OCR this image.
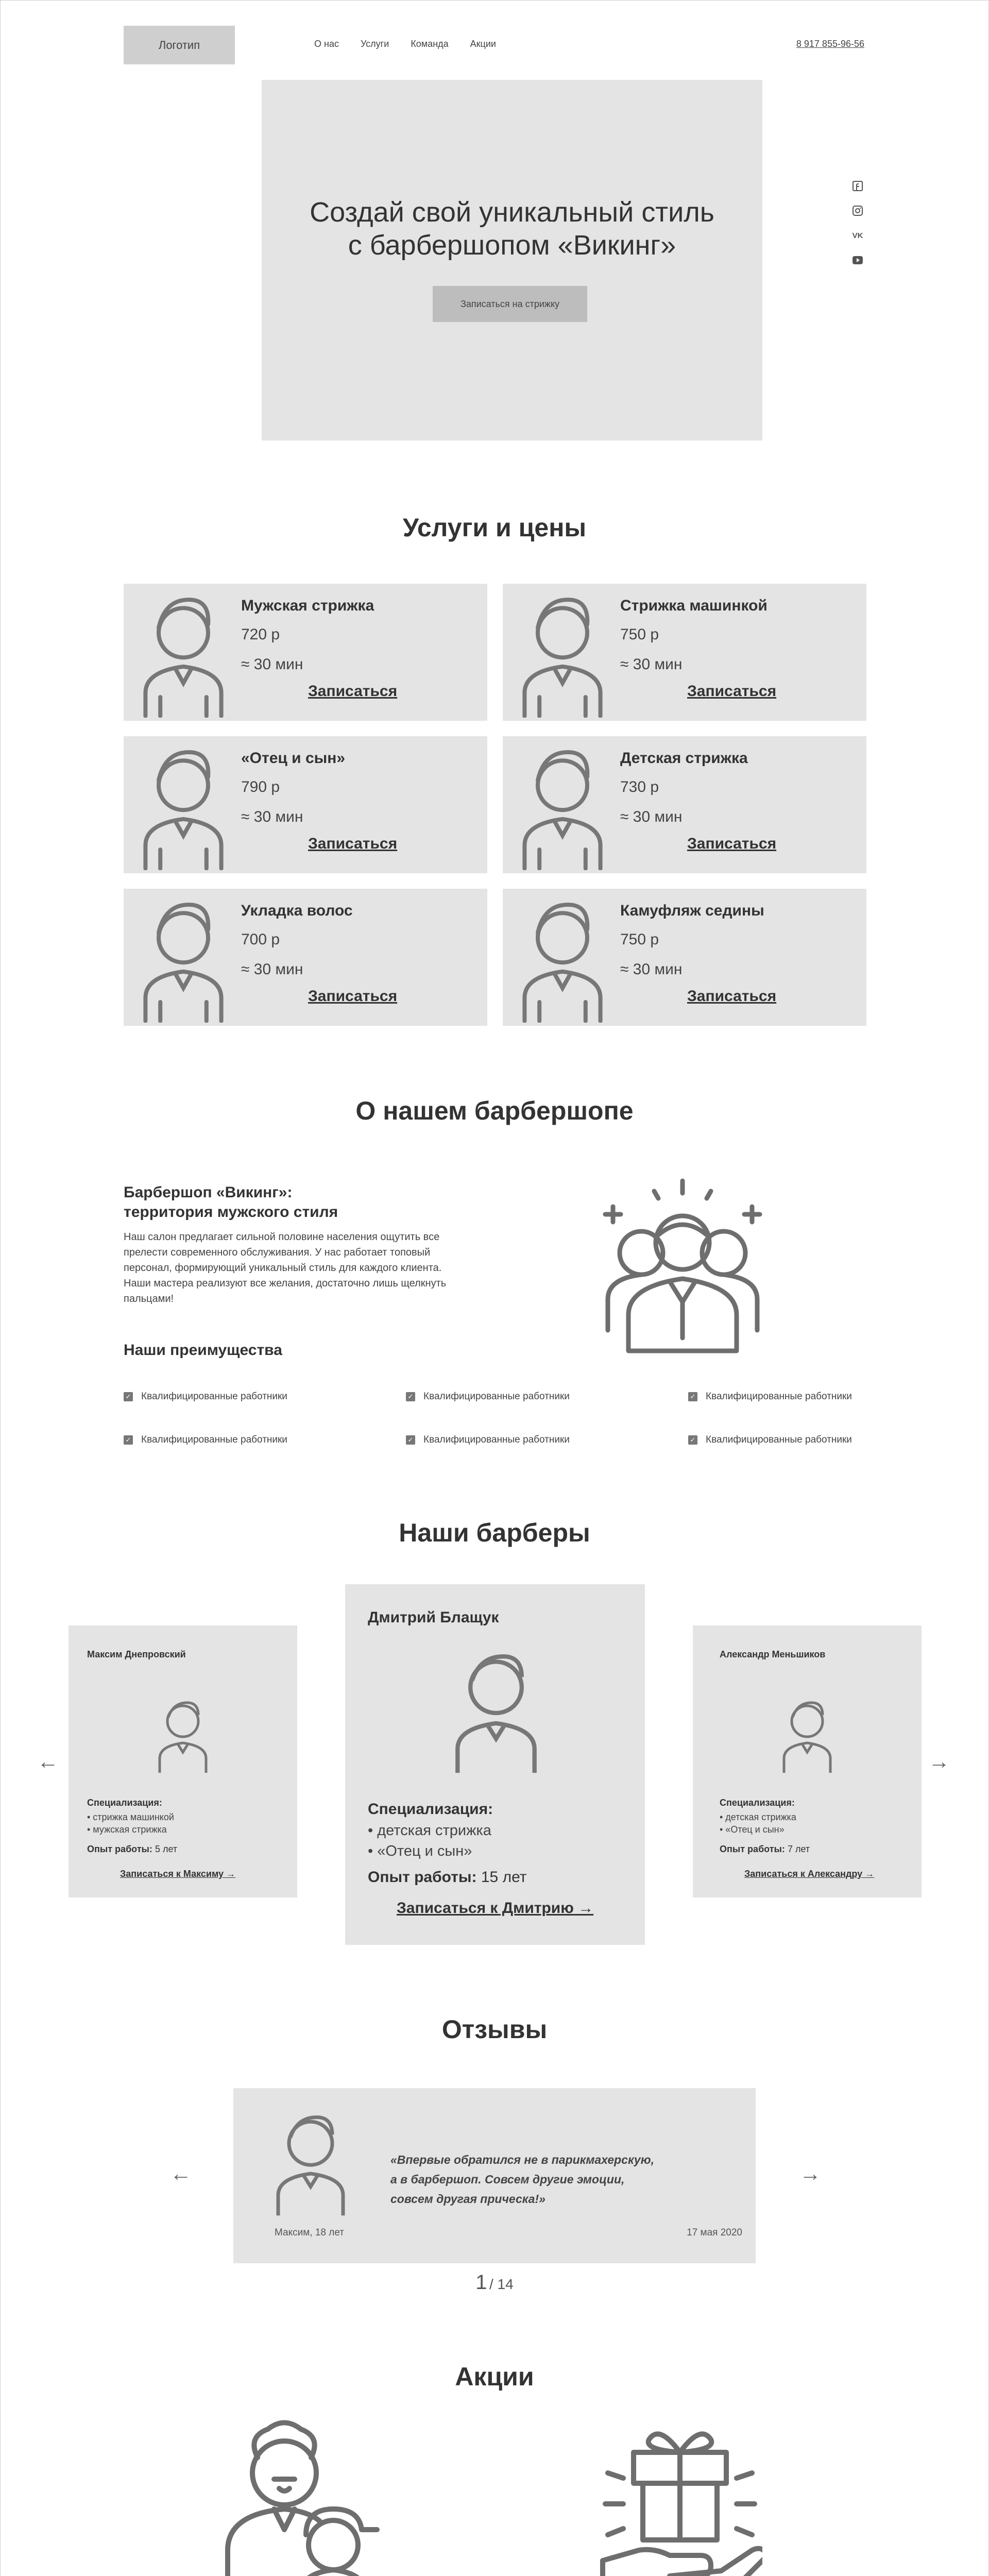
Логотип	О нас Услуги Команда Акции	8 917 855-96-56
Создай свой уникальный стиль
с барбершопом «Викинг»
Записаться на стрижку
VK
Услуги и цены
Мужская стрижка
720 р
≈ 30 мин
Записаться
Стрижка машинкой
750 р
≈ 30 мин
Записаться
«Отец и сын»
790 р
≈ 30 мин
Записаться
Детская стрижка
730 р
≈ 30 мин
Записаться
Укладка волос
700 р
≈ 30 мин
Записаться
Камуфляж седины
750 р
≈ 30 мин
Записаться
О нашем барбершопе
Барбершоп «Викинг»:
территория мужского стиля
Наш салон предлагает сильной половине населения ощутить все прелести современного обслуживания. У нас работает топовый персонал, формирующий уникальный стиль для каждого клиента. Наши мастера реализуют все желания, достаточно лишь щелкнуть пальцами!
Наши преимущества
✓ Квалифицированные работники
✓ Квалифицированные работники
✓ Квалифицированные работники
✓ Квалифицированные работники
✓ Квалифицированные работники
✓ Квалифицированные работники
Наши барберы
←	→
Максим Днепровский
Специализация:
• стрижка машинкой
• мужская стрижка
Опыт работы: 5 лет
Записаться к Максиму →
Дмитрий Блащук
Специализация:
• детская стрижка
• «Отец и сын»
Опыт работы: 15 лет
Записаться к Дмитрию →
Александр Меньшиков
Специализация:
• детская стрижка
• «Отец и сын»
Опыт работы: 7 лет
Записаться к Александру →
Отзывы
←	→
«Впервые обратился не в парикмахерскую,
а в барбершоп. Совсем другие эмоции,
совсем другая прическа!»
Максим, 18 лет	17 мая 2020
1 / 14
Акции
